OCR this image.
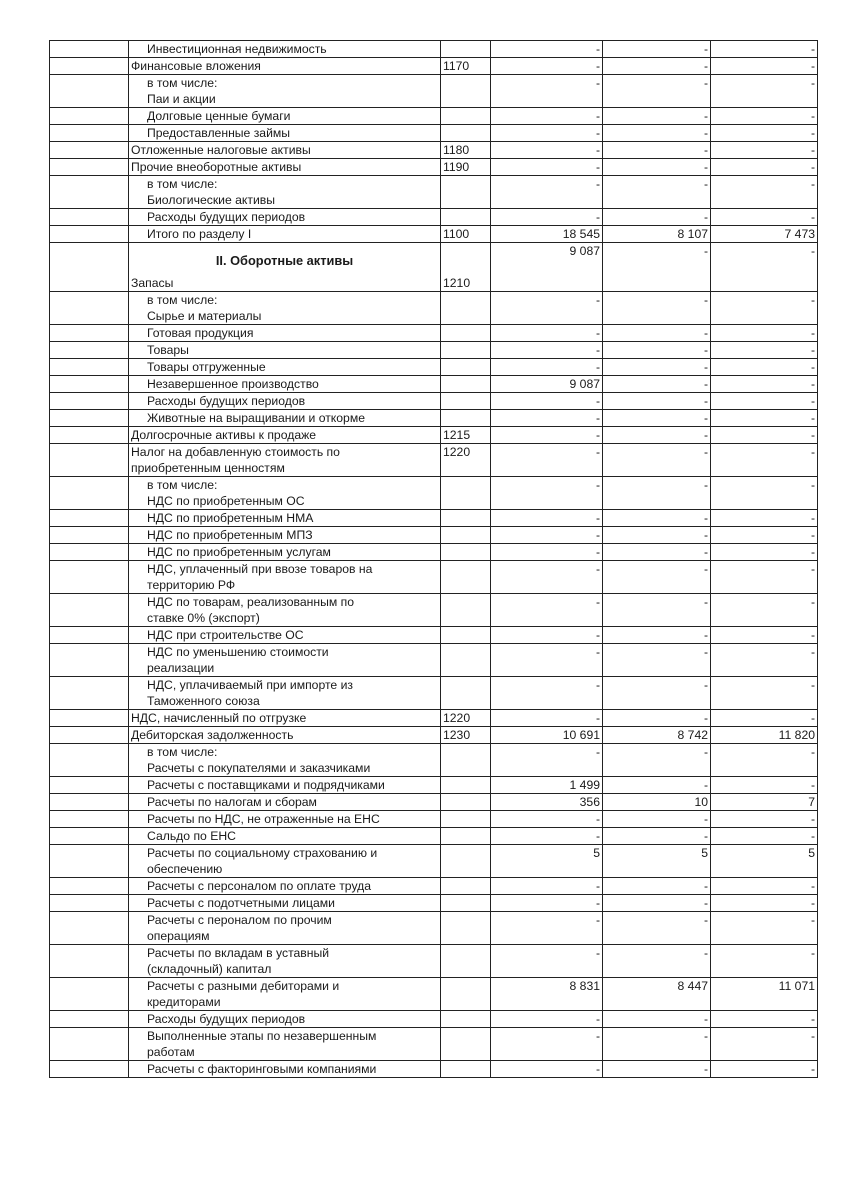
	Инвестиционная недвижимость		-	-	-

	Финансовые вложения	1170	-	-	-

	в том числе:
Паи и акции		-	-	-

	Долговые ценные бумаги		-	-	-

	Предоставленные займы		-	-	-

	Отложенные налоговые активы	1180	-	-	-

	Прочие внеоборотные активы	1190	-	-	-

	в том числе:
Биологические активы		-	-	-

	Расходы будущих периодов		-	-	-

	Итого по разделу I	1100	18 545	8 107	7 473

	II. Оборотные активы
Запасы	1210	9 087	-	-

	в том числе:
Сырье и материалы		-	-	-

	Готовая продукция		-	-	-

	Товары		-	-	-

	Товары отгруженные		-	-	-

	Незавершенное производство		9 087	-	-

	Расходы будущих периодов		-	-	-

	Животные на выращивании и откорме		-	-	-

	Долгосрочные активы к продаже	1215	-	-	-

	Налог на добавленную стоимость по
приобретенным ценностям	1220	-	-	-

	в том числе:
НДС по приобретенным ОС		-	-	-

	НДС по приобретенным НМА		-	-	-

	НДС по приобретенным МПЗ		-	-	-

	НДС по приобретенным услугам		-	-	-

	НДС, уплаченный при ввозе товаров на
территорию РФ		-	-	-

	НДС по товарам, реализованным по
ставке 0% (экспорт)		-	-	-

	НДС при строительстве ОС		-	-	-

	НДС по уменьшению стоимости
реализации		-	-	-

	НДС, уплачиваемый при импорте из
Таможенного союза		-	-	-

	НДС, начисленный по отгрузке	1220	-	-	-

	Дебиторская задолженность	1230	10 691	8 742	11 820

	в том числе:
Расчеты с покупателями и заказчиками		-	-	-

	Расчеты с поставщиками и подрядчиками		1 499	-	-

	Расчеты по налогам и сборам		356	10	7

	Расчеты по НДС, не отраженные на ЕНС		-	-	-

	Сальдо по ЕНС		-	-	-

	Расчеты по социальному страхованию и
обеспечению		5	5	5

	Расчеты с персоналом по оплате труда		-	-	-

	Расчеты с подотчетными лицами		-	-	-

	Расчеты с пероналом по прочим
операциям		-	-	-

	Расчеты по вкладам в уставный
(складочный) капитал		-	-	-

	Расчеты с разными дебиторами и
кредиторами		8 831	8 447	11 071

	Расходы будущих периодов		-	-	-

	Выполненные этапы по незавершенным
работам		-	-	-

	Расчеты с факторинговыми компаниями		-	-	-
